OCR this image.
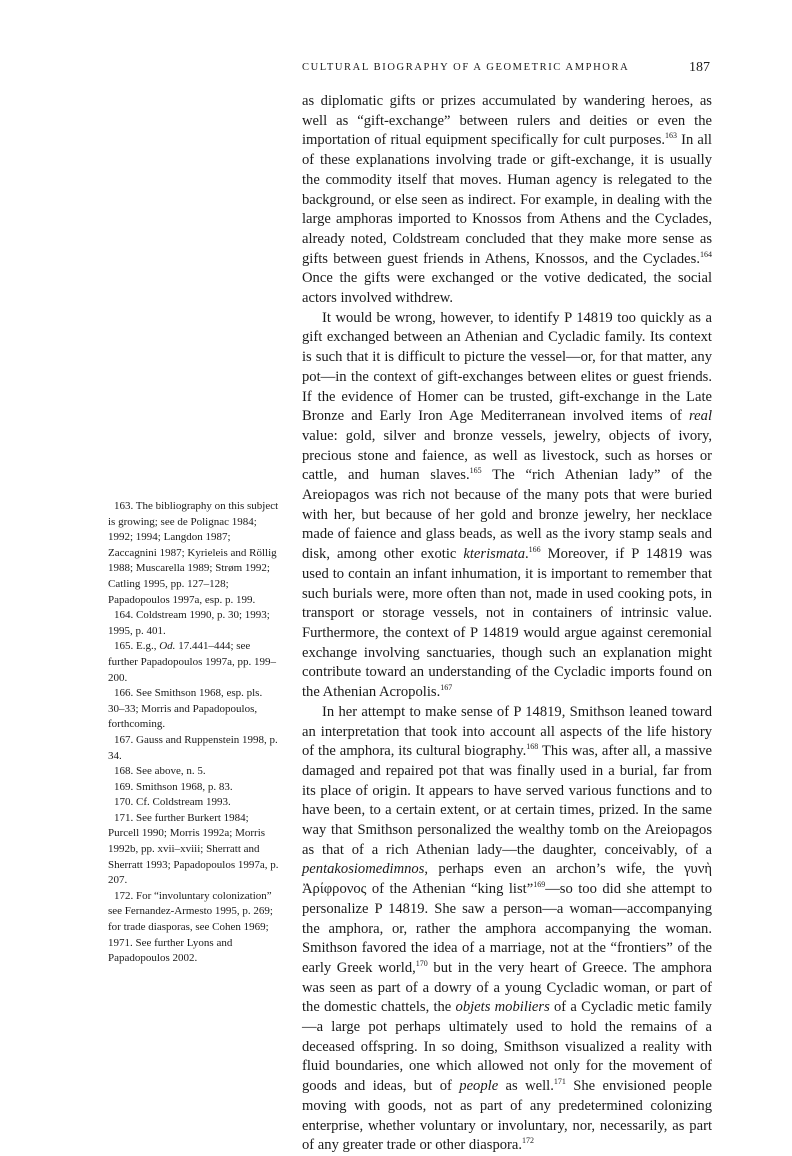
CULTURAL BIOGRAPHY OF A GEOMETRIC AMPHORA	187

as diplomatic gifts or prizes accumulated by wandering heroes, as well as “gift-exchange” between rulers and deities or even the importation of ritual equipment specifically for cult purposes.$^{163}$ In all of these explanations involving trade or gift-exchange, it is usually the commodity itself that moves. Human agency is relegated to the background, or else seen as indirect. For example, in dealing with the large amphoras imported to Knossos from Athens and the Cyclades, already noted, Coldstream concluded that they make more sense as gifts between guest friends in Athens, Knossos, and the Cyclades.$^{164}$ Once the gifts were exchanged or the votive dedicated, the social actors involved withdrew.

It would be wrong, however, to identify P 14819 too quickly as a gift exchanged between an Athenian and Cycladic family. Its context is such that it is difficult to picture the vessel—or, for that matter, any pot—in the context of gift-exchanges between elites or guest friends. If the evidence of Homer can be trusted, gift-exchange in the Late Bronze and Early Iron Age Mediterranean involved items of real value: gold, silver and bronze vessels, jewelry, objects of ivory, precious stone and faience, as well as livestock, such as horses or cattle, and human slaves.$^{165}$ The “rich Athenian lady” of the Areiopagos was rich not because of the many pots that were buried with her, but because of her gold and bronze jewelry, her necklace made of faience and glass beads, as well as the ivory stamp seals and disk, among other exotic kterismata.$^{166}$ Moreover, if P 14819 was used to contain an infant inhumation, it is important to remember that such burials were, more often than not, made in used cooking pots, in transport or storage vessels, not in containers of intrinsic value. Furthermore, the context of P 14819 would argue against ceremonial exchange involving sanctuaries, though such an explanation might contribute toward an understanding of the Cycladic imports found on the Athenian Acropolis.$^{167}$

In her attempt to make sense of P 14819, Smithson leaned toward an interpretation that took into account all aspects of the life history of the amphora, its cultural biography.$^{168}$ This was, after all, a massive damaged and repaired pot that was finally used in a burial, far from its place of origin. It appears to have served various functions and to have been, to a certain extent, or at certain times, prized. In the same way that Smithson personalized the wealthy tomb on the Areiopagos as that of a rich Athenian lady—the daughter, conceivably, of a pentakosiomedimnos, perhaps even an archon’s wife, the γυνὴ Ἀρίφρονος of the Athenian “king list”$^{169}$—so too did she attempt to personalize P 14819. She saw a person—a woman—accompanying the amphora, or, rather the amphora accompanying the woman. Smithson favored the idea of a marriage, not at the “frontiers” of the early Greek world,$^{170}$ but in the very heart of Greece. The amphora was seen as part of a dowry of a young Cycladic woman, or part of the domestic chattels, the objets mobiliers of a Cycladic metic family—a large pot perhaps ultimately used to hold the remains of a deceased offspring. In so doing, Smithson visualized a reality with fluid boundaries, one which allowed not only for the movement of goods and ideas, but of people as well.$^{171}$ She envisioned people moving with goods, not as part of any predetermined colonizing enterprise, whether voluntary or involuntary, nor, necessarily, as part of any greater trade or other diaspora.$^{172}$

163. The bibliography on this subject is growing; see de Polignac 1984; 1992; 1994; Langdon 1987; Zaccagnini 1987; Kyrieleis and Röllig 1988; Muscarella 1989; Strøm 1992; Catling 1995, pp. 127–128; Papadopoulos 1997a, esp. p. 199.

164. Coldstream 1990, p. 30; 1993; 1995, p. 401.

165. E.g., Od. 17.441–444; see further Papadopoulos 1997a, pp. 199–200.

166. See Smithson 1968, esp. pls. 30–33; Morris and Papadopoulos, forthcoming.

167. Gauss and Ruppenstein 1998, p. 34.

168. See above, n. 5.

169. Smithson 1968, p. 83.

170. Cf. Coldstream 1993.

171. See further Burkert 1984; Purcell 1990; Morris 1992a; Morris 1992b, pp. xvii–xviii; Sherratt and Sherratt 1993; Papadopoulos 1997a, p. 207.

172. For “involuntary colonization” see Fernandez-Armesto 1995, p. 269; for trade diasporas, see Cohen 1969; 1971. See further Lyons and Papadopoulos 2002.
